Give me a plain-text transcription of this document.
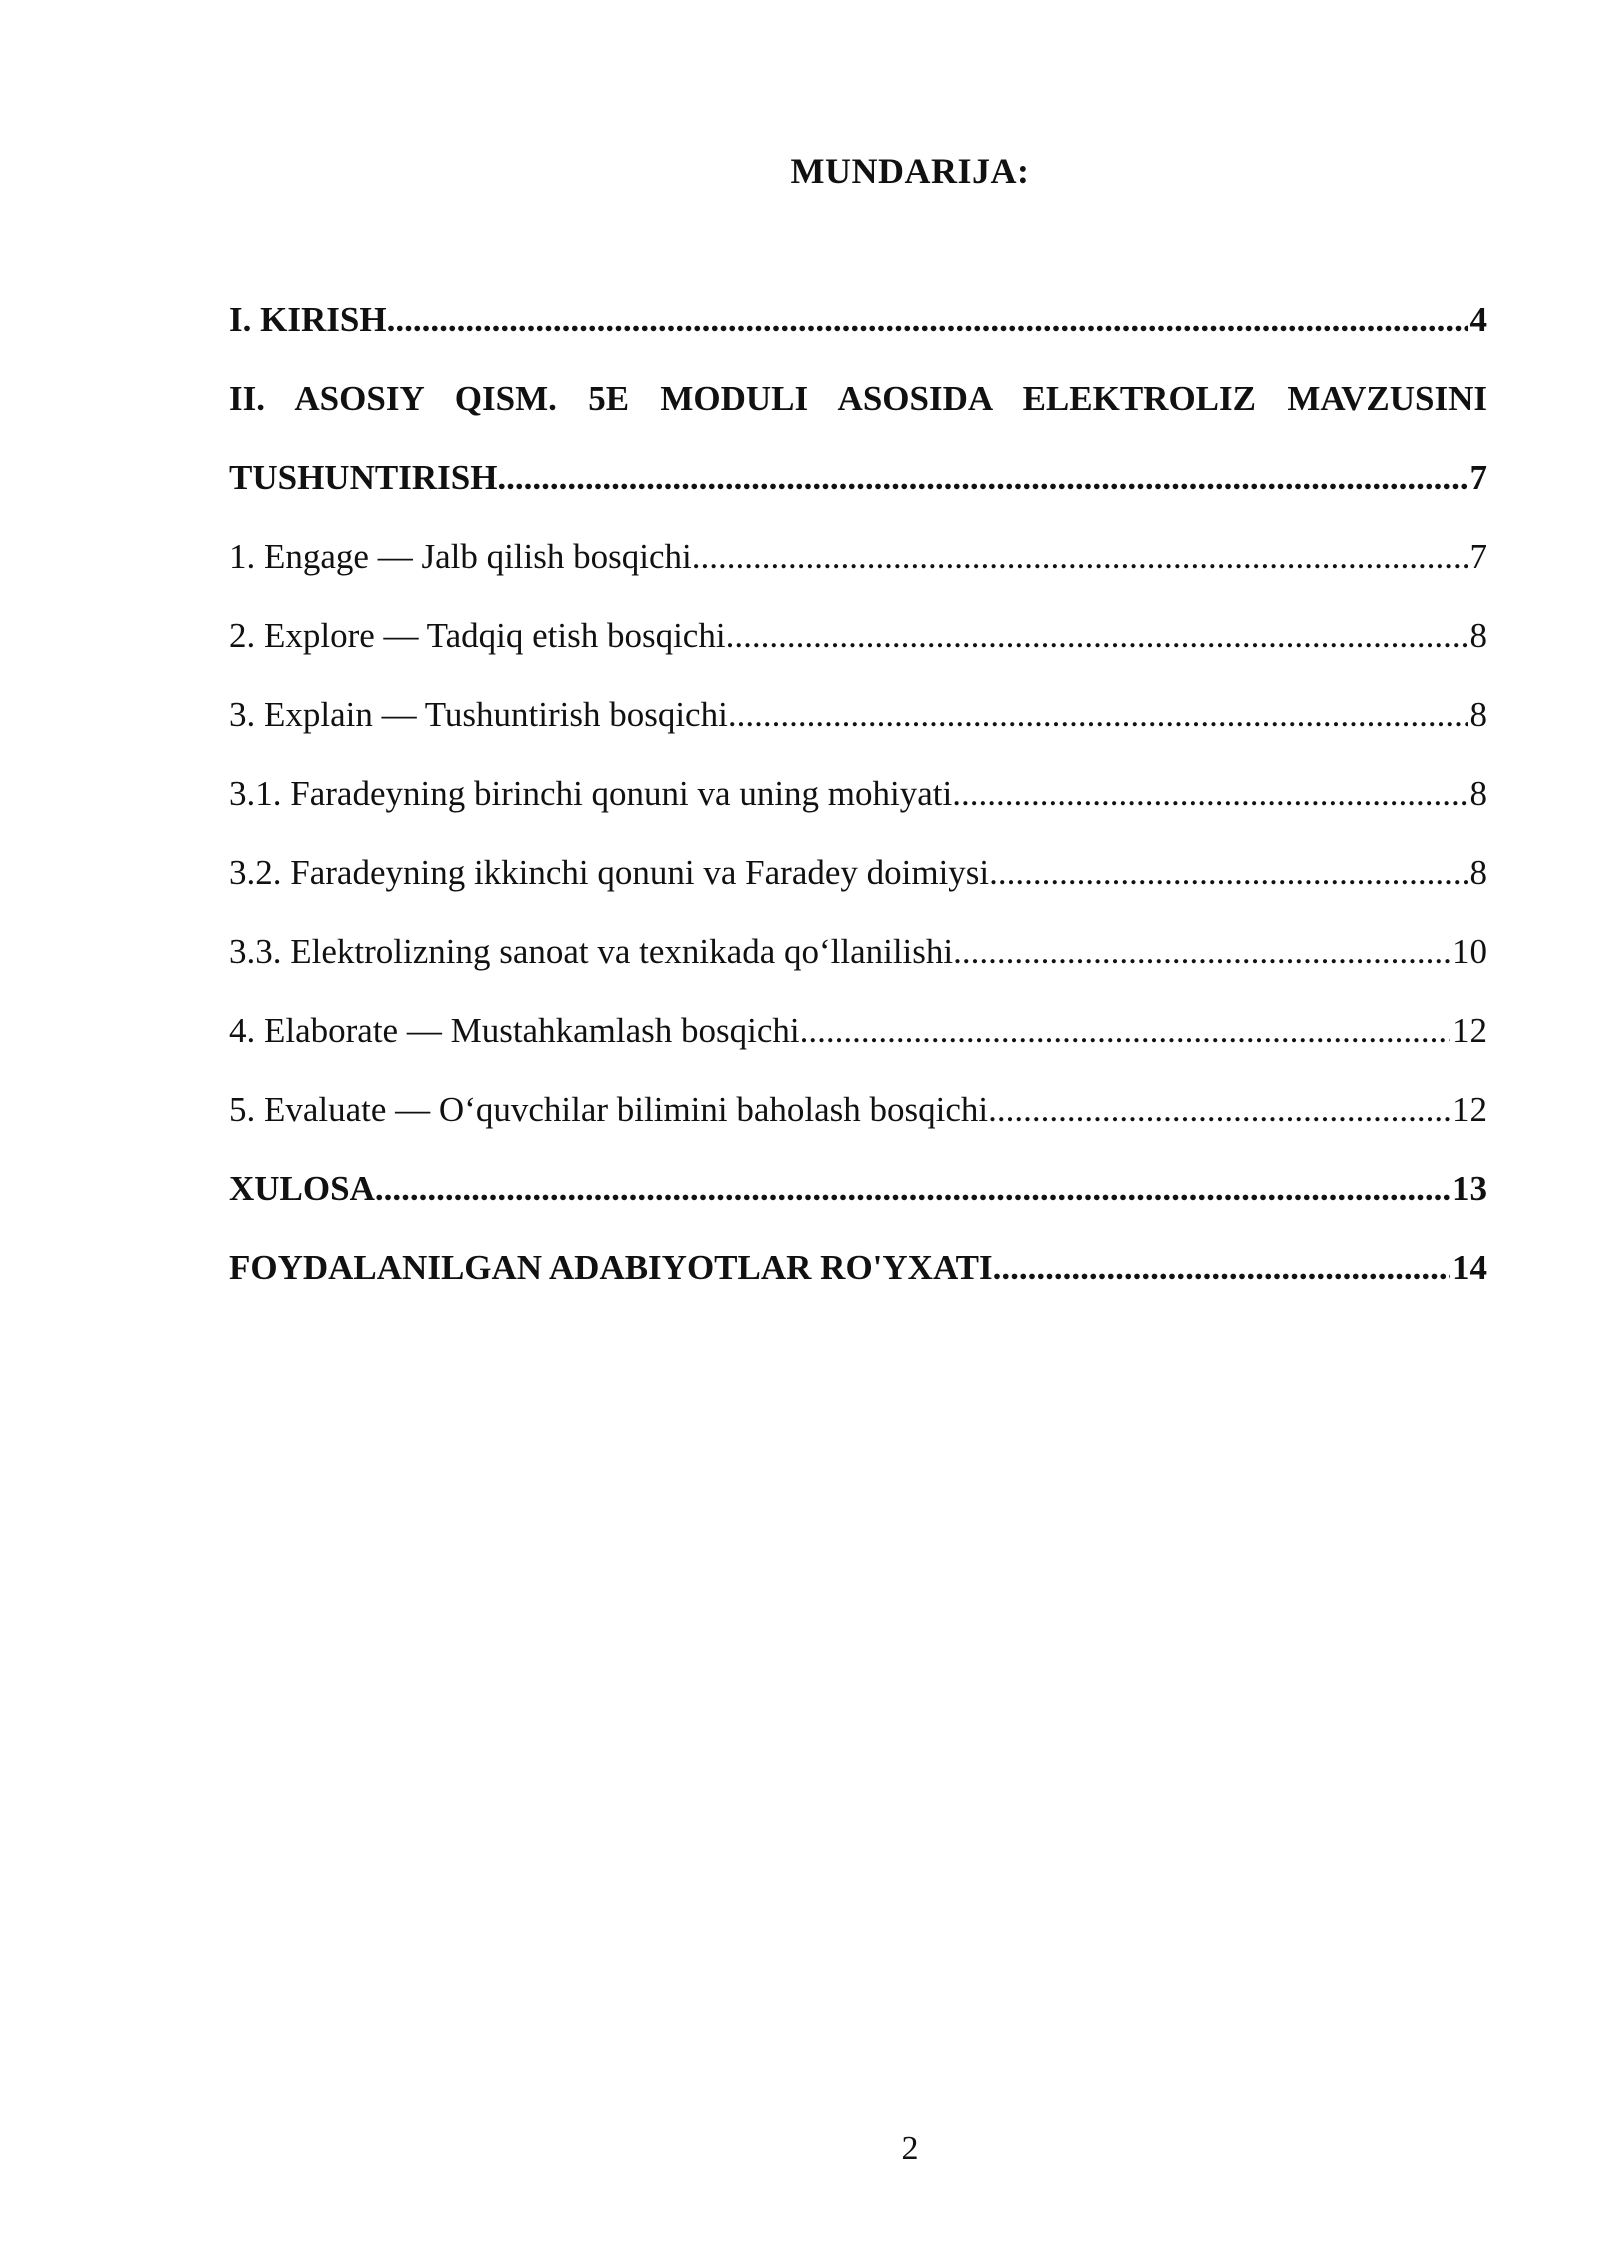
MUNDARIJA:
I. KIRISH .....	4
II. ASOSIY QISM. 5E MODULI ASOSIDA ELEKTROLIZ MAVZUSINI
TUSHUNTIRISH .....	7
1. Engage — Jalb qilish bosqichi .....	7
2. Explore — Tadqiq etish bosqichi .....	8
3. Explain — Tushuntirish bosqichi .....	8
3.1. Faradeyning birinchi qonuni va uning mohiyati .....	8
3.2. Faradeyning ikkinchi qonuni va Faradey doimiysi .....	8
3.3. Elektrolizning sanoat va texnikada qo‘llanilishi .....	10
4. Elaborate — Mustahkamlash bosqichi .....	12
5. Evaluate — O‘quvchilar bilimini baholash bosqichi .....	12
XULOSA .....	13
FOYDALANILGAN ADABIYOTLAR RO'YXATI .....	14
2
